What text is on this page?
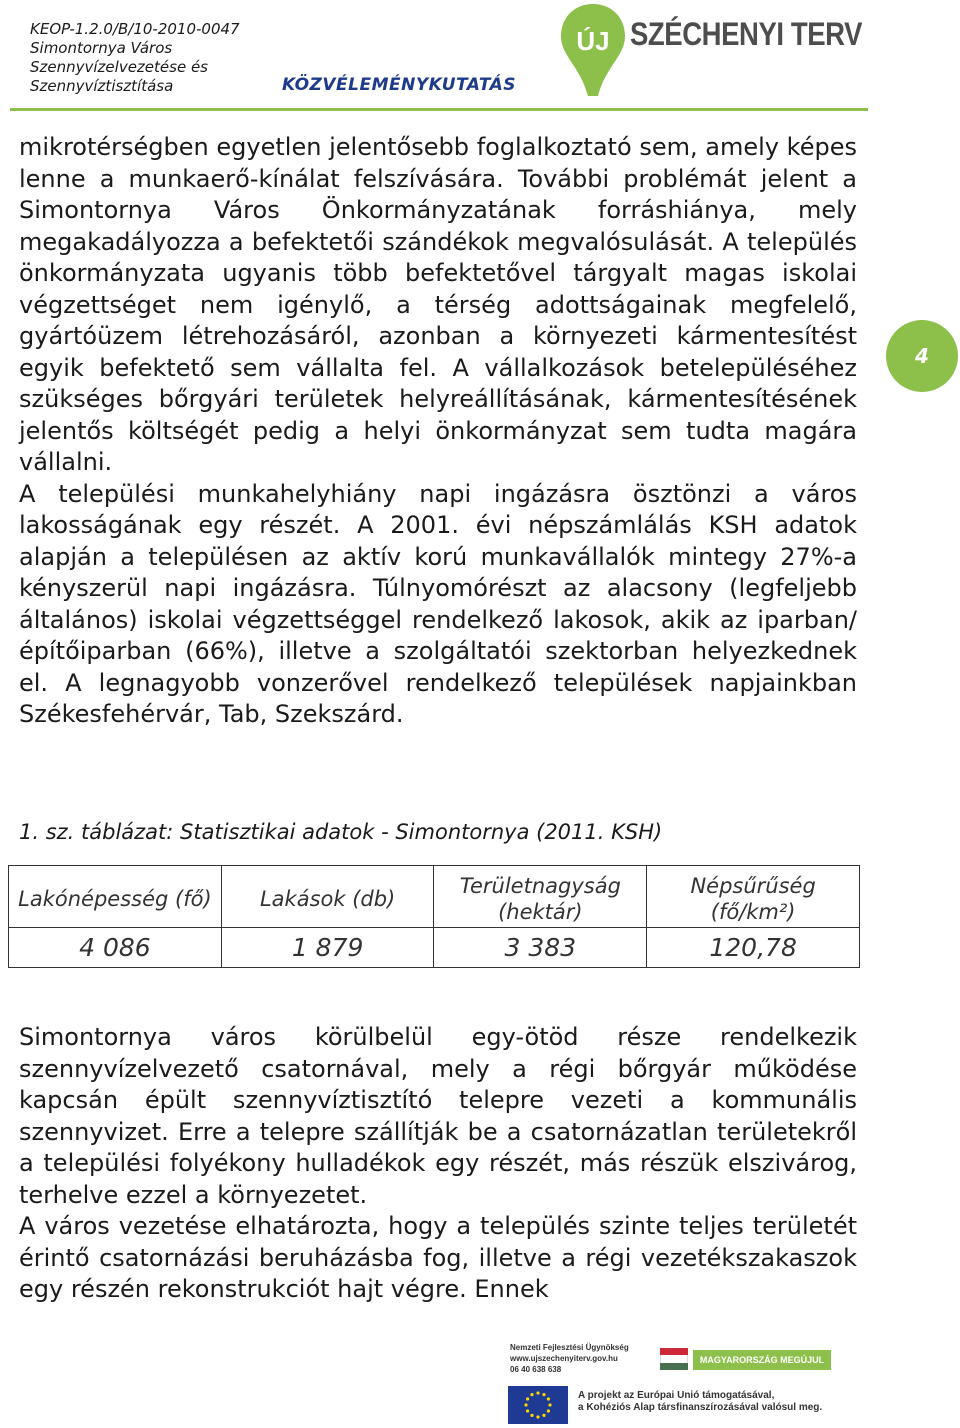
KEOP-1.2.0/B/10-2010-0047
Simontornya Város
Szennyvízelvezetése és
Szennyvíztisztítása	KÖZVÉLEMÉNYKUTATÁS
ÚJ SZÉCHENYI TERV
4

mikrotérségben egyetlen jelentősebb foglalkoztató sem, amely képes lenne a munkaerő-kínálat felszívására. További problémát jelent a Simontornya Város Önkormányzatának forráshiánya, mely megakadályozza a befektetői szándékok megvalósulását. A település önkormányzata ugyanis több befektetővel tárgyalt magas iskolai végzettséget nem igénylő, a térség adottságainak megfelelő, gyártóüzem létrehozásáról, azonban a környezeti kármentesítést egyik befektető sem vállalta fel. A vállalkozások betelepüléséhez szükséges bőrgyári területek helyreállításának, kármentesítésének jelentős költségét pedig a helyi önkormányzat sem tudta magára vállalni.

A települési munkahelyhiány napi ingázásra ösztönzi a város lakosságának egy részét. A 2001. évi népszámlálás KSH adatok alapján a településen az aktív korú munkavállalók mintegy 27%-a kényszerül napi ingázásra. Túlnyomórészt az alacsony (legfeljebb általános) iskolai végzettséggel rendelkező lakosok, akik az iparban/építőiparban (66%), illetve a szolgáltatói szektorban helyezkednek el. A legnagyobb vonzerővel rendelkező települések napjainkban Székesfehérvár, Tab, Szekszárd.

1. sz. táblázat: Statisztikai adatok - Simontornya (2011. KSH)
Lakónépesség (fő)	Lakások (db)	Területnagyság (hektár)	Népsűrűség (fő/km²)
4 086	1 879	3 383	120,78

Simontornya város körülbelül egy-ötöd része rendelkezik szennyvízelvezető csatornával, mely a régi bőrgyár működése kapcsán épült szennyvíztisztító telepre vezeti a kommunális szennyvizet. Erre a telepre szállítják be a csatornázatlan területekről a települési folyékony hulladékok egy részét, más részük elszivárog, terhelve ezzel a környezetet.

A város vezetése elhatározta, hogy a település szinte teljes területét érintő csatornázási beruházásba fog, illetve a régi vezetékszakaszok egy részén rekonstrukciót hajt végre. Ennek

Nemzeti Fejlesztési Ügynökség
www.ujszechenyiterv.gov.hu
06 40 638 638
MAGYARORSZÁG MEGÚJUL
A projekt az Európai Unió támogatásával,
a Kohéziós Alap társfinanszírozásával valósul meg.
